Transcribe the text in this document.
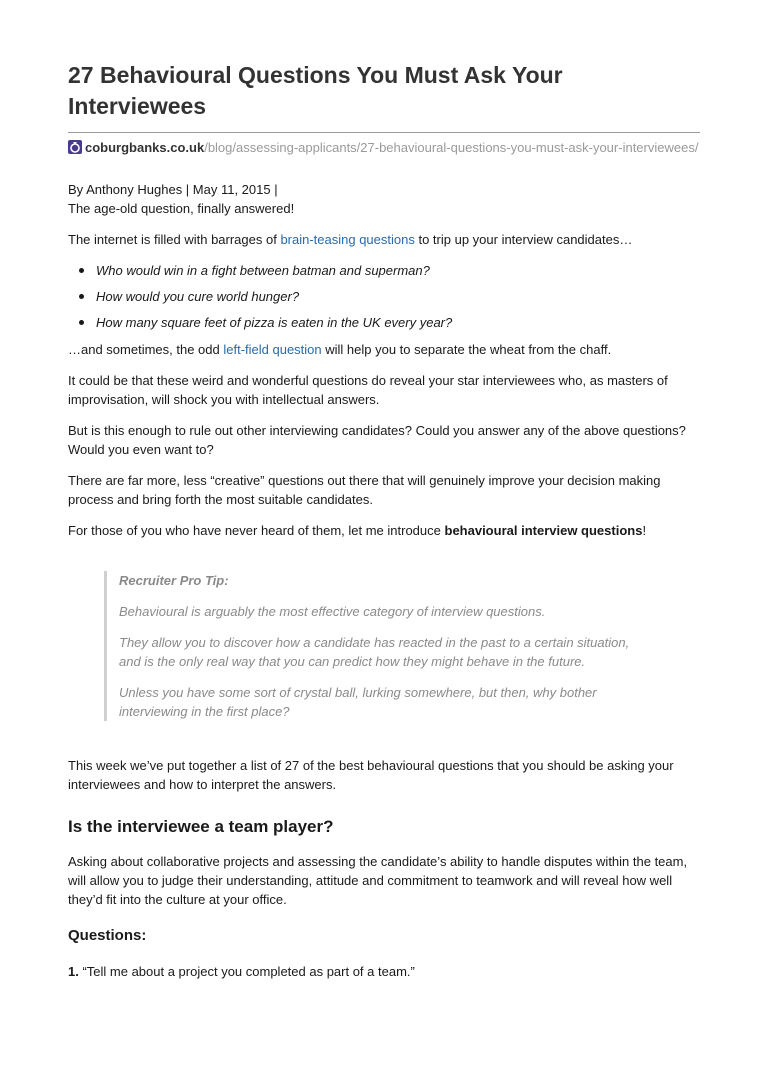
27 Behavioural Questions You Must Ask Your Interviewees
coburgbanks.co.uk/blog/assessing-applicants/27-behavioural-questions-you-must-ask-your-interviewees/

By Anthony Hughes | May 11, 2015 |

The age-old question, finally answered!

The internet is filled with barrages of brain-teasing questions to trip up your interview candidates…

Who would win in a fight between batman and superman?
How would you cure world hunger?
How many square feet of pizza is eaten in the UK every year?

…and sometimes, the odd left-field question will help you to separate the wheat from the chaff.

It could be that these weird and wonderful questions do reveal your star interviewees who, as masters of improvisation, will shock you with intellectual answers.

But is this enough to rule out other interviewing candidates? Could you answer any of the above questions? Would you even want to?

There are far more, less “creative” questions out there that will genuinely improve your decision making process and bring forth the most suitable candidates.

For those of you who have never heard of them, let me introduce behavioural interview questions!

Recruiter Pro Tip:

Behavioural is arguably the most effective category of interview questions.

They allow you to discover how a candidate has reacted in the past to a certain situation, and is the only real way that you can predict how they might behave in the future.

Unless you have some sort of crystal ball, lurking somewhere, but then, why bother interviewing in the first place?

This week we’ve put together a list of 27 of the best behavioural questions that you should be asking your interviewees and how to interpret the answers.

Is the interviewee a team player?

Asking about collaborative projects and assessing the candidate’s ability to handle disputes within the team, will allow you to judge their understanding, attitude and commitment to teamwork and will reveal how well they’d fit into the culture at your office.

Questions:

1. “Tell me about a project you completed as part of a team.”
